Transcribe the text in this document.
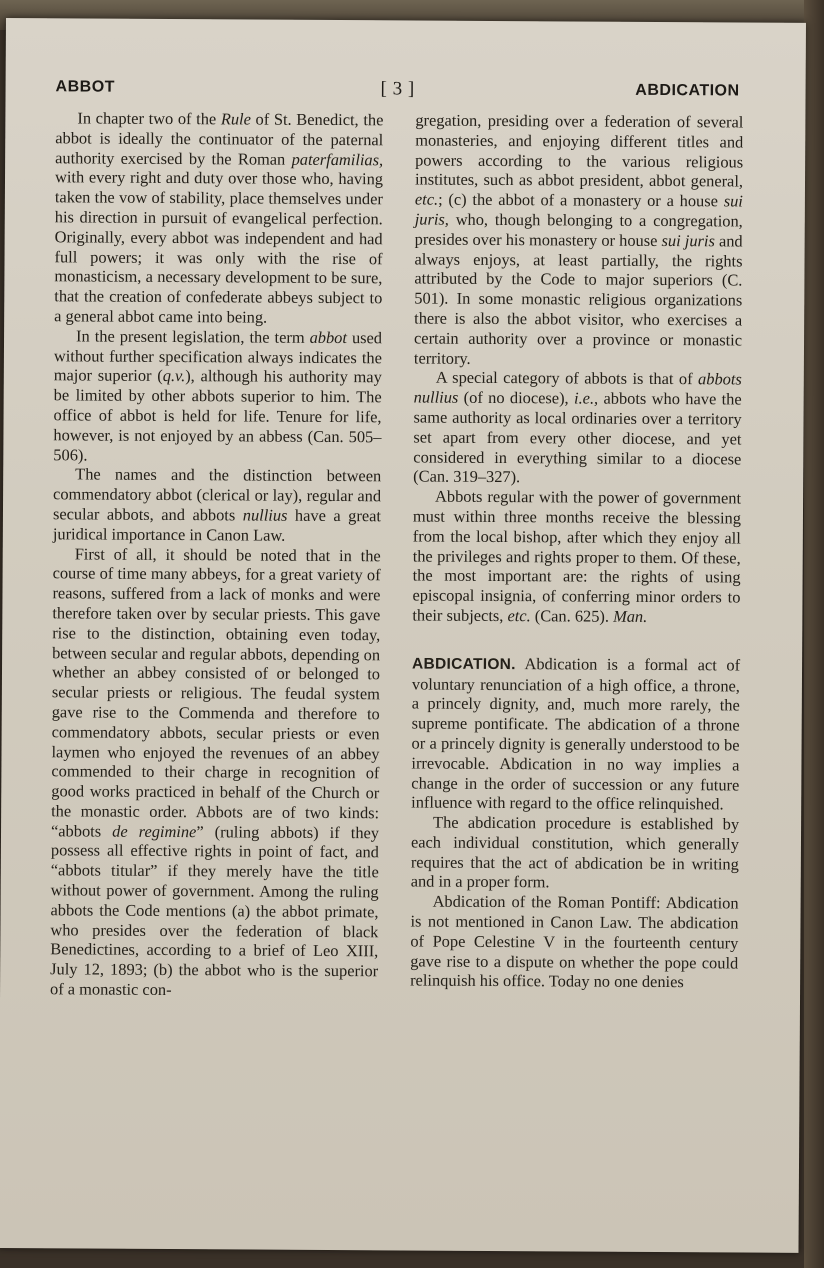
ABBOT	[ 3 ]	ABDICATION

In chapter two of the Rule of St. Benedict, the abbot is ideally the continuator of the paternal authority exercised by the Roman paterfamilias, with every right and duty over those who, having taken the vow of stability, place themselves under his direction in pursuit of evangelical perfection. Originally, every abbot was independent and had full powers; it was only with the rise of monasticism, a necessary development to be sure, that the creation of confederate abbeys subject to a general abbot came into being.

In the present legislation, the term abbot used without further specification always indicates the major superior (q.v.), although his authority may be limited by other abbots superior to him. The office of abbot is held for life. Tenure for life, however, is not enjoyed by an abbess (Can. 505–506).

The names and the distinction between commendatory abbot (clerical or lay), regular and secular abbots, and abbots nullius have a great juridical importance in Canon Law.

First of all, it should be noted that in the course of time many abbeys, for a great variety of reasons, suffered from a lack of monks and were therefore taken over by secular priests. This gave rise to the distinction, obtaining even today, between secular and regular abbots, depending on whether an abbey consisted of or belonged to secular priests or religious. The feudal system gave rise to the Commenda and therefore to commendatory abbots, secular priests or even laymen who enjoyed the revenues of an abbey commended to their charge in recognition of good works practiced in behalf of the Church or the monastic order. Abbots are of two kinds: “abbots de regimine” (ruling abbots) if they possess all effective rights in point of fact, and “abbots titular” if they merely have the title without power of government. Among the ruling abbots the Code mentions (a) the abbot primate, who presides over the federation of black Benedictines, according to a brief of Leo XIII, July 12, 1893; (b) the abbot who is the superior of a monastic con-

gregation, presiding over a federation of several monasteries, and enjoying different titles and powers according to the various religious institutes, such as abbot president, abbot general, etc.; (c) the abbot of a monastery or a house sui juris, who, though belonging to a congregation, presides over his monastery or house sui juris and always enjoys, at least partially, the rights attributed by the Code to major superiors (C. 501). In some monastic religious organizations there is also the abbot visitor, who exercises a certain authority over a province or monastic territory.

A special category of abbots is that of abbots nullius (of no diocese), i.e., abbots who have the same authority as local ordinaries over a territory set apart from every other diocese, and yet considered in everything similar to a diocese (Can. 319–327).

Abbots regular with the power of government must within three months receive the blessing from the local bishop, after which they enjoy all the privileges and rights proper to them. Of these, the most important are: the rights of using episcopal insignia, of conferring minor orders to their subjects, etc. (Can. 625). Man.

ABDICATION. Abdication is a formal act of voluntary renunciation of a high office, a throne, a princely dignity, and, much more rarely, the supreme pontificate. The abdication of a throne or a princely dignity is generally understood to be irrevocable. Abdication in no way implies a change in the order of succession or any future influence with regard to the office relinquished.

The abdication procedure is established by each individual constitution, which generally requires that the act of abdication be in writing and in a proper form.

Abdication of the Roman Pontiff: Abdication is not mentioned in Canon Law. The abdication of Pope Celestine V in the fourteenth century gave rise to a dispute on whether the pope could relinquish his office. Today no one denies
